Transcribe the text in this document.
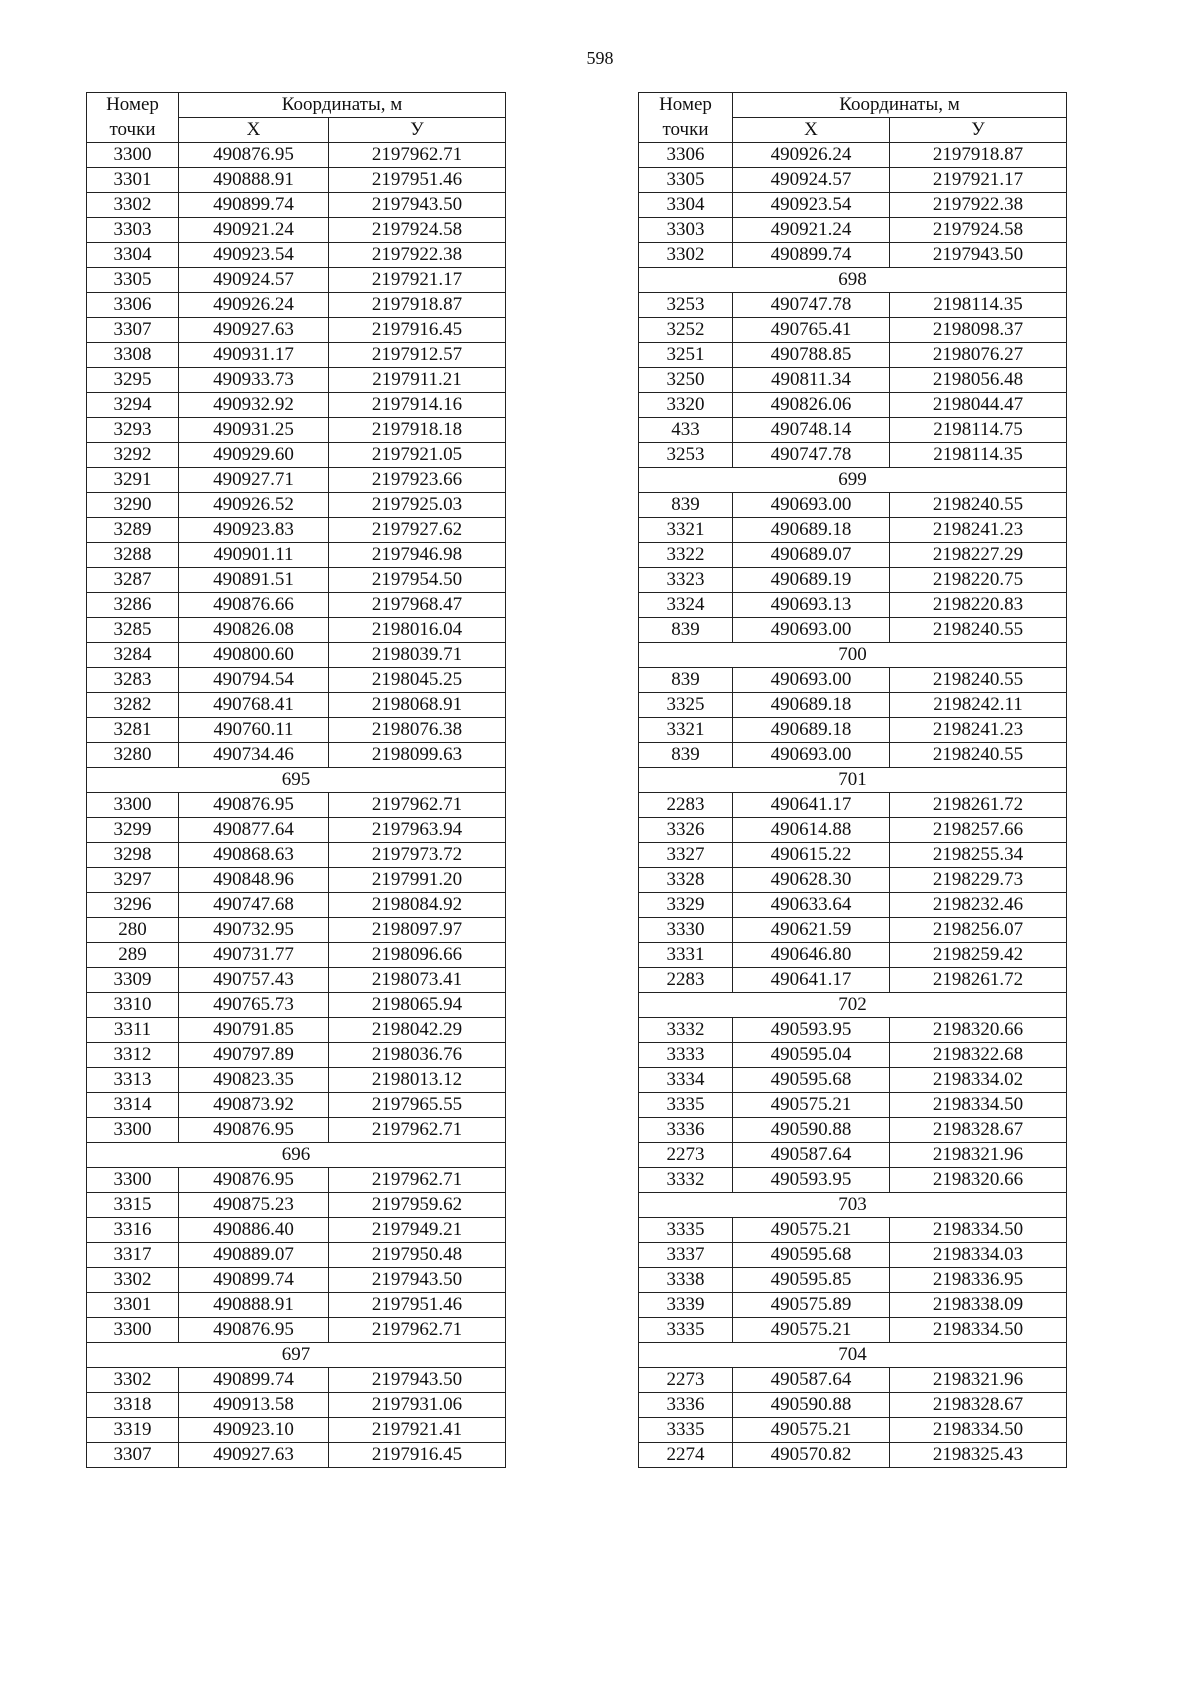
598
Номер	Координаты, м	
точки	X	У
3300	490876.95	2197962.71
3301	490888.91	2197951.46
3302	490899.74	2197943.50
3303	490921.24	2197924.58
3304	490923.54	2197922.38
3305	490924.57	2197921.17
3306	490926.24	2197918.87
3307	490927.63	2197916.45
3308	490931.17	2197912.57
3295	490933.73	2197911.21
3294	490932.92	2197914.16
3293	490931.25	2197918.18
3292	490929.60	2197921.05
3291	490927.71	2197923.66
3290	490926.52	2197925.03
3289	490923.83	2197927.62
3288	490901.11	2197946.98
3287	490891.51	2197954.50
3286	490876.66	2197968.47
3285	490826.08	2198016.04
3284	490800.60	2198039.71
3283	490794.54	2198045.25
3282	490768.41	2198068.91
3281	490760.11	2198076.38
3280	490734.46	2198099.63
695		
3300	490876.95	2197962.71
3299	490877.64	2197963.94
3298	490868.63	2197973.72
3297	490848.96	2197991.20
3296	490747.68	2198084.92
280	490732.95	2198097.97
289	490731.77	2198096.66
3309	490757.43	2198073.41
3310	490765.73	2198065.94
3311	490791.85	2198042.29
3312	490797.89	2198036.76
3313	490823.35	2198013.12
3314	490873.92	2197965.55
3300	490876.95	2197962.71
696		
3300	490876.95	2197962.71
3315	490875.23	2197959.62
3316	490886.40	2197949.21
3317	490889.07	2197950.48
3302	490899.74	2197943.50
3301	490888.91	2197951.46
3300	490876.95	2197962.71
697		
3302	490899.74	2197943.50
3318	490913.58	2197931.06
3319	490923.10	2197921.41
3307	490927.63	2197916.45
Номер	Координаты, м	
точки	X	У
3306	490926.24	2197918.87
3305	490924.57	2197921.17
3304	490923.54	2197922.38
3303	490921.24	2197924.58
3302	490899.74	2197943.50
698		
3253	490747.78	2198114.35
3252	490765.41	2198098.37
3251	490788.85	2198076.27
3250	490811.34	2198056.48
3320	490826.06	2198044.47
433	490748.14	2198114.75
3253	490747.78	2198114.35
699		
839	490693.00	2198240.55
3321	490689.18	2198241.23
3322	490689.07	2198227.29
3323	490689.19	2198220.75
3324	490693.13	2198220.83
839	490693.00	2198240.55
700		
839	490693.00	2198240.55
3325	490689.18	2198242.11
3321	490689.18	2198241.23
839	490693.00	2198240.55
701		
2283	490641.17	2198261.72
3326	490614.88	2198257.66
3327	490615.22	2198255.34
3328	490628.30	2198229.73
3329	490633.64	2198232.46
3330	490621.59	2198256.07
3331	490646.80	2198259.42
2283	490641.17	2198261.72
702		
3332	490593.95	2198320.66
3333	490595.04	2198322.68
3334	490595.68	2198334.02
3335	490575.21	2198334.50
3336	490590.88	2198328.67
2273	490587.64	2198321.96
3332	490593.95	2198320.66
703		
3335	490575.21	2198334.50
3337	490595.68	2198334.03
3338	490595.85	2198336.95
3339	490575.89	2198338.09
3335	490575.21	2198334.50
704		
2273	490587.64	2198321.96
3336	490590.88	2198328.67
3335	490575.21	2198334.50
2274	490570.82	2198325.43
